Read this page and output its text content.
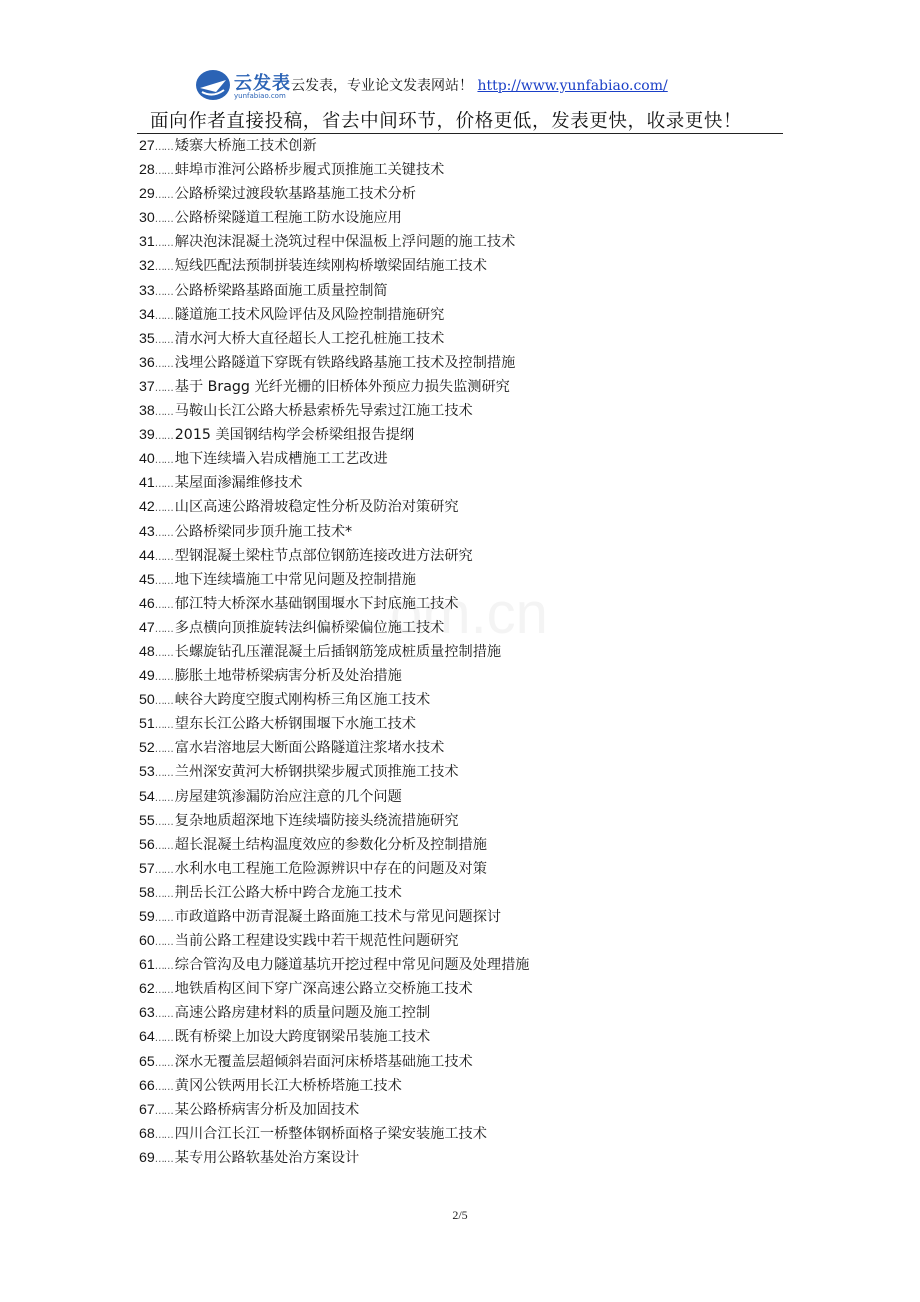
云发表
yunfabiao.com
云发表，专业论文发表网站！ http://www.yunfabiao.com/
面向作者直接投稿，省去中间环节，价格更低，发表更快，收录更快！
om.cn
27…… 矮寨大桥施工技术创新
28…… 蚌埠市淮河公路桥步履式顶推施工关键技术
29…… 公路桥梁过渡段软基路基施工技术分析
30…… 公路桥梁隧道工程施工防水设施应用
31…… 解决泡沫混凝土浇筑过程中保温板上浮问题的施工技术
32…… 短线匹配法预制拼装连续刚构桥墩梁固结施工技术
33…… 公路桥梁路基路面施工质量控制简
34…… 隧道施工技术风险评估及风险控制措施研究
35…… 清水河大桥大直径超长人工挖孔桩施工技术
36…… 浅埋公路隧道下穿既有铁路线路基施工技术及控制措施
37…… 基于 Bragg 光纤光栅的旧桥体外预应力损失监测研究
38…… 马鞍山长江公路大桥悬索桥先导索过江施工技术
39…… 2015 美国钢结构学会桥梁组报告提纲
40…… 地下连续墙入岩成槽施工工艺改进
41…… 某屋面渗漏维修技术
42…… 山区高速公路滑坡稳定性分析及防治对策研究
43…… 公路桥梁同步顶升施工技术*
44…… 型钢混凝土梁柱节点部位钢筋连接改进方法研究
45…… 地下连续墙施工中常见问题及控制措施
46…… 郁江特大桥深水基础钢围堰水下封底施工技术
47…… 多点横向顶推旋转法纠偏桥梁偏位施工技术
48…… 长螺旋钻孔压灌混凝土后插钢筋笼成桩质量控制措施
49…… 膨胀土地带桥梁病害分析及处治措施
50…… 峡谷大跨度空腹式刚构桥三角区施工技术
51…… 望东长江公路大桥钢围堰下水施工技术
52…… 富水岩溶地层大断面公路隧道注浆堵水技术
53…… 兰州深安黄河大桥钢拱梁步履式顶推施工技术
54…… 房屋建筑渗漏防治应注意的几个问题
55…… 复杂地质超深地下连续墙防接头绕流措施研究
56…… 超长混凝土结构温度效应的参数化分析及控制措施
57…… 水利水电工程施工危险源辨识中存在的问题及对策
58…… 荆岳长江公路大桥中跨合龙施工技术
59…… 市政道路中沥青混凝土路面施工技术与常见问题探讨
60…… 当前公路工程建设实践中若干规范性问题研究
61…… 综合管沟及电力隧道基坑开挖过程中常见问题及处理措施
62…… 地铁盾构区间下穿广深高速公路立交桥施工技术
63…… 高速公路房建材料的质量问题及施工控制
64…… 既有桥梁上加设大跨度钢梁吊装施工技术
65…… 深水无覆盖层超倾斜岩面河床桥塔基础施工技术
66…… 黄冈公铁两用长江大桥桥塔施工技术
67…… 某公路桥病害分析及加固技术
68…… 四川合江长江一桥整体钢桥面格子梁安装施工技术
69…… 某专用公路软基处治方案设计
2/5
